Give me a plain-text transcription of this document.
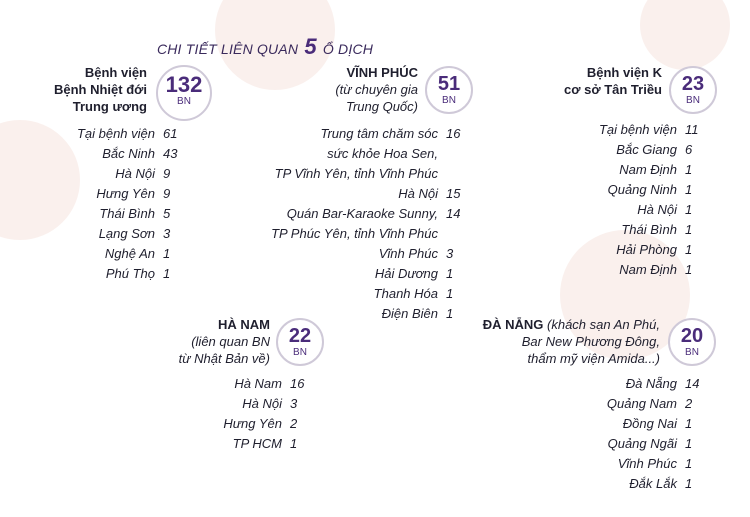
CHI TIẾT LIÊN QUAN 5 Ổ DỊCH
Bệnh viện
Bệnh Nhiệt đới
Trung ương
132
BN
Tại bệnh viện 61
Bắc Ninh 43
Hà Nội 9
Hưng Yên 9
Thái Bình 5
Lạng Sơn 3
Nghệ An 1
Phú Thọ 1
VĨNH PHÚC
(từ chuyên gia
Trung Quốc)
51
BN
Trung tâm chăm sóc 16
sức khỏe Hoa Sen,
TP Vĩnh Yên, tỉnh Vĩnh Phúc
Hà Nội 15
Quán Bar-Karaoke Sunny, 14
TP Phúc Yên, tỉnh Vĩnh Phúc
Vĩnh Phúc 3
Hải Dương 1
Thanh Hóa 1
Điện Biên 1
Bệnh viện K
cơ sở Tân Triều 23
BN
Tại bệnh viện 11
Bắc Giang 6
Nam Định 1
Quảng Ninh 1
Hà Nội 1
Thái Bình 1
Hải Phòng 1
Nam Định 1
HÀ NAM
(liên quan BN
từ Nhật Bản về)
22
BN
Hà Nam 16
Hà Nội 3
Hưng Yên 2
TP HCM 1
ĐÀ NẴNG (khách sạn An Phú,
Bar New Phương Đông,
thẩm mỹ viện Amida...)
20
BN
Đà Nẵng 14
Quảng Nam 2
Đồng Nai 1
Quảng Ngãi 1
Vĩnh Phúc 1
Đắk Lắk 1
